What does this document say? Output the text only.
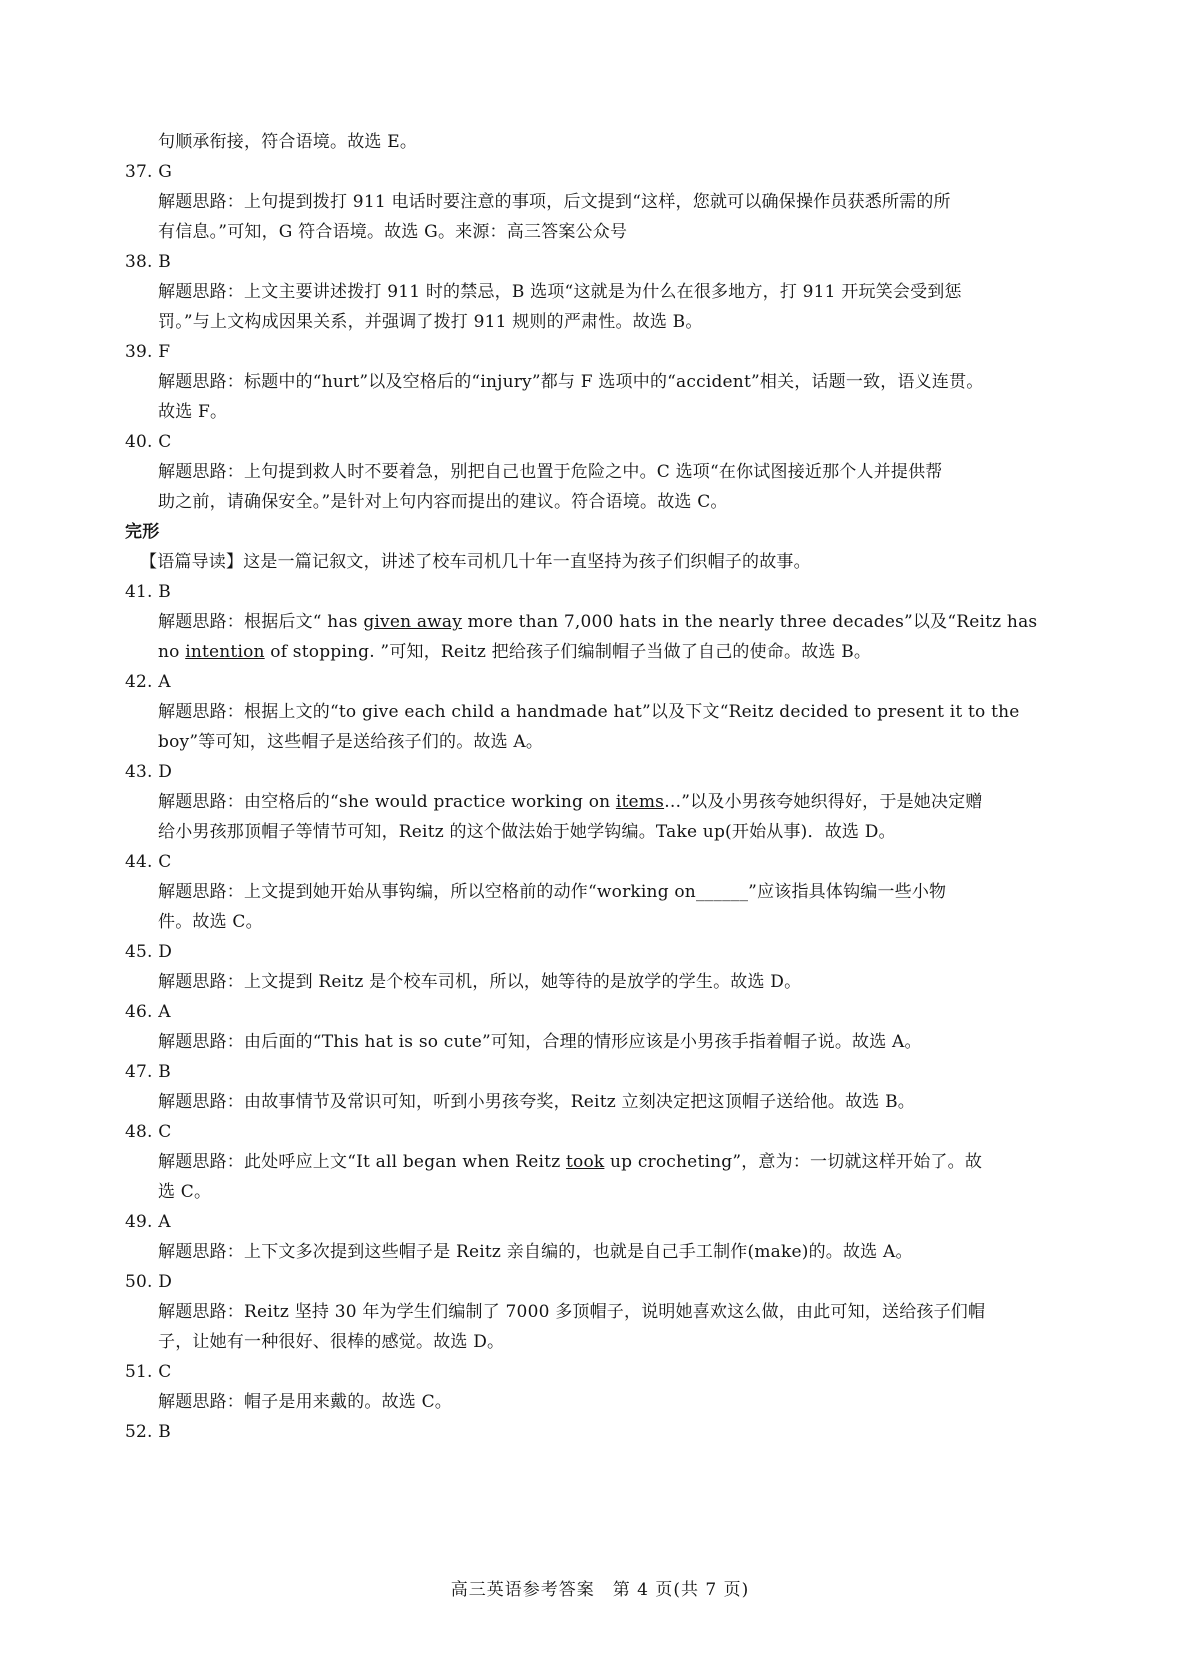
句顺承衔接，符合语境。故选 E。
37. G
解题思路：上句提到拨打 911 电话时要注意的事项，后文提到“这样，您就可以确保操作员获悉所需的所
有信息。”可知，G 符合语境。故选 G。来源：高三答案公众号
38. B
解题思路：上文主要讲述拨打 911 时的禁忌，B 选项“这就是为什么在很多地方，打 911 开玩笑会受到惩
罚。”与上文构成因果关系，并强调了拨打 911 规则的严肃性。故选 B。
39. F
解题思路：标题中的“hurt”以及空格后的“injury”都与 F 选项中的“accident”相关，话题一致，语义连贯。
故选 F。
40. C
解题思路：上句提到救人时不要着急，别把自己也置于危险之中。C 选项“在你试图接近那个人并提供帮
助之前，请确保安全。”是针对上句内容而提出的建议。符合语境。故选 C。
完形
【语篇导读】这是一篇记叙文，讲述了校车司机几十年一直坚持为孩子们织帽子的故事。
41. B
解题思路：根据后文“ has given away more than 7,000 hats in the nearly three decades”以及“Reitz has
no intention of stopping. ”可知，Reitz 把给孩子们编制帽子当做了自己的使命。故选 B。
42. A
解题思路：根据上文的“to give each child a handmade hat”以及下文“Reitz decided to present it to the
boy”等可知，这些帽子是送给孩子们的。故选 A。
43. D
解题思路：由空格后的“she would practice working on items…”以及小男孩夸她织得好，于是她决定赠
给小男孩那顶帽子等情节可知，Reitz 的这个做法始于她学钩编。Take up(开始从事)．故选 D。
44. C
解题思路：上文提到她开始从事钩编，所以空格前的动作“working on______”应该指具体钩编一些小物
件。故选 C。
45. D
解题思路：上文提到 Reitz 是个校车司机，所以，她等待的是放学的学生。故选 D。
46. A
解题思路：由后面的“This hat is so cute”可知，合理的情形应该是小男孩手指着帽子说。故选 A。
47. B
解题思路：由故事情节及常识可知，听到小男孩夸奖，Reitz 立刻决定把这顶帽子送给他。故选 B。
48. C
解题思路：此处呼应上文“It all began when Reitz took up crocheting”，意为：一切就这样开始了。故
选 C。
49. A
解题思路：上下文多次提到这些帽子是 Reitz 亲自编的，也就是自己手工制作(make)的。故选 A。
50. D
解题思路：Reitz 坚持 30 年为学生们编制了 7000 多顶帽子，说明她喜欢这么做，由此可知，送给孩子们帽
子，让她有一种很好、很棒的感觉。故选 D。
51. C
解题思路：帽子是用来戴的。故选 C。
52. B
高三英语参考答案　第 4 页(共 7 页)
